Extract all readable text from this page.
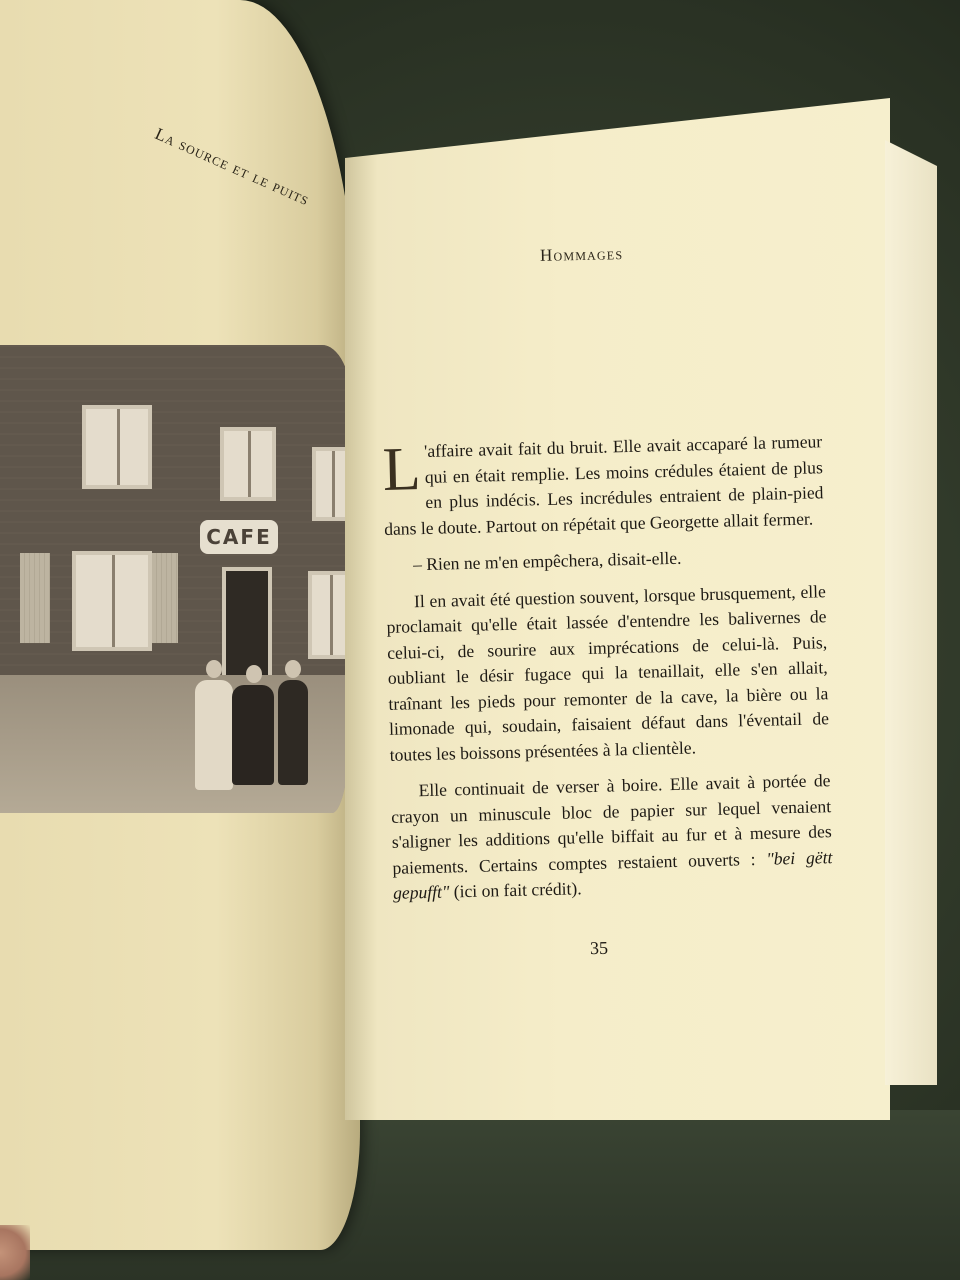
La source et le puits
CAFE
Hommages

L 'affaire avait fait du bruit. Elle avait accaparé la rumeur qui en était remplie. Les moins crédules étaient de plus en plus indécis. Les incrédules entraient de plain-pied dans le doute. Partout on répétait que Georgette allait fermer.

– Rien ne m'en empêchera, disait-elle.

Il en avait été question souvent, lorsque brusquement, elle proclamait qu'elle était lassée d'entendre les balivernes de celui-ci, de sourire aux imprécations de celui-là. Puis, oubliant le désir fugace qui la tenaillait, elle s'en allait, traînant les pieds pour remonter de la cave, la bière ou la limonade qui, soudain, faisaient défaut dans l'éventail de toutes les boissons présentées à la clientèle.

Elle continuait de verser à boire. Elle avait à portée de crayon un minuscule bloc de papier sur lequel venaient s'aligner les additions qu'elle biffait au fur et à mesure des paiements. Certains comptes restaient ouverts : "bei gëtt gepufft" (ici on fait crédit).

35
